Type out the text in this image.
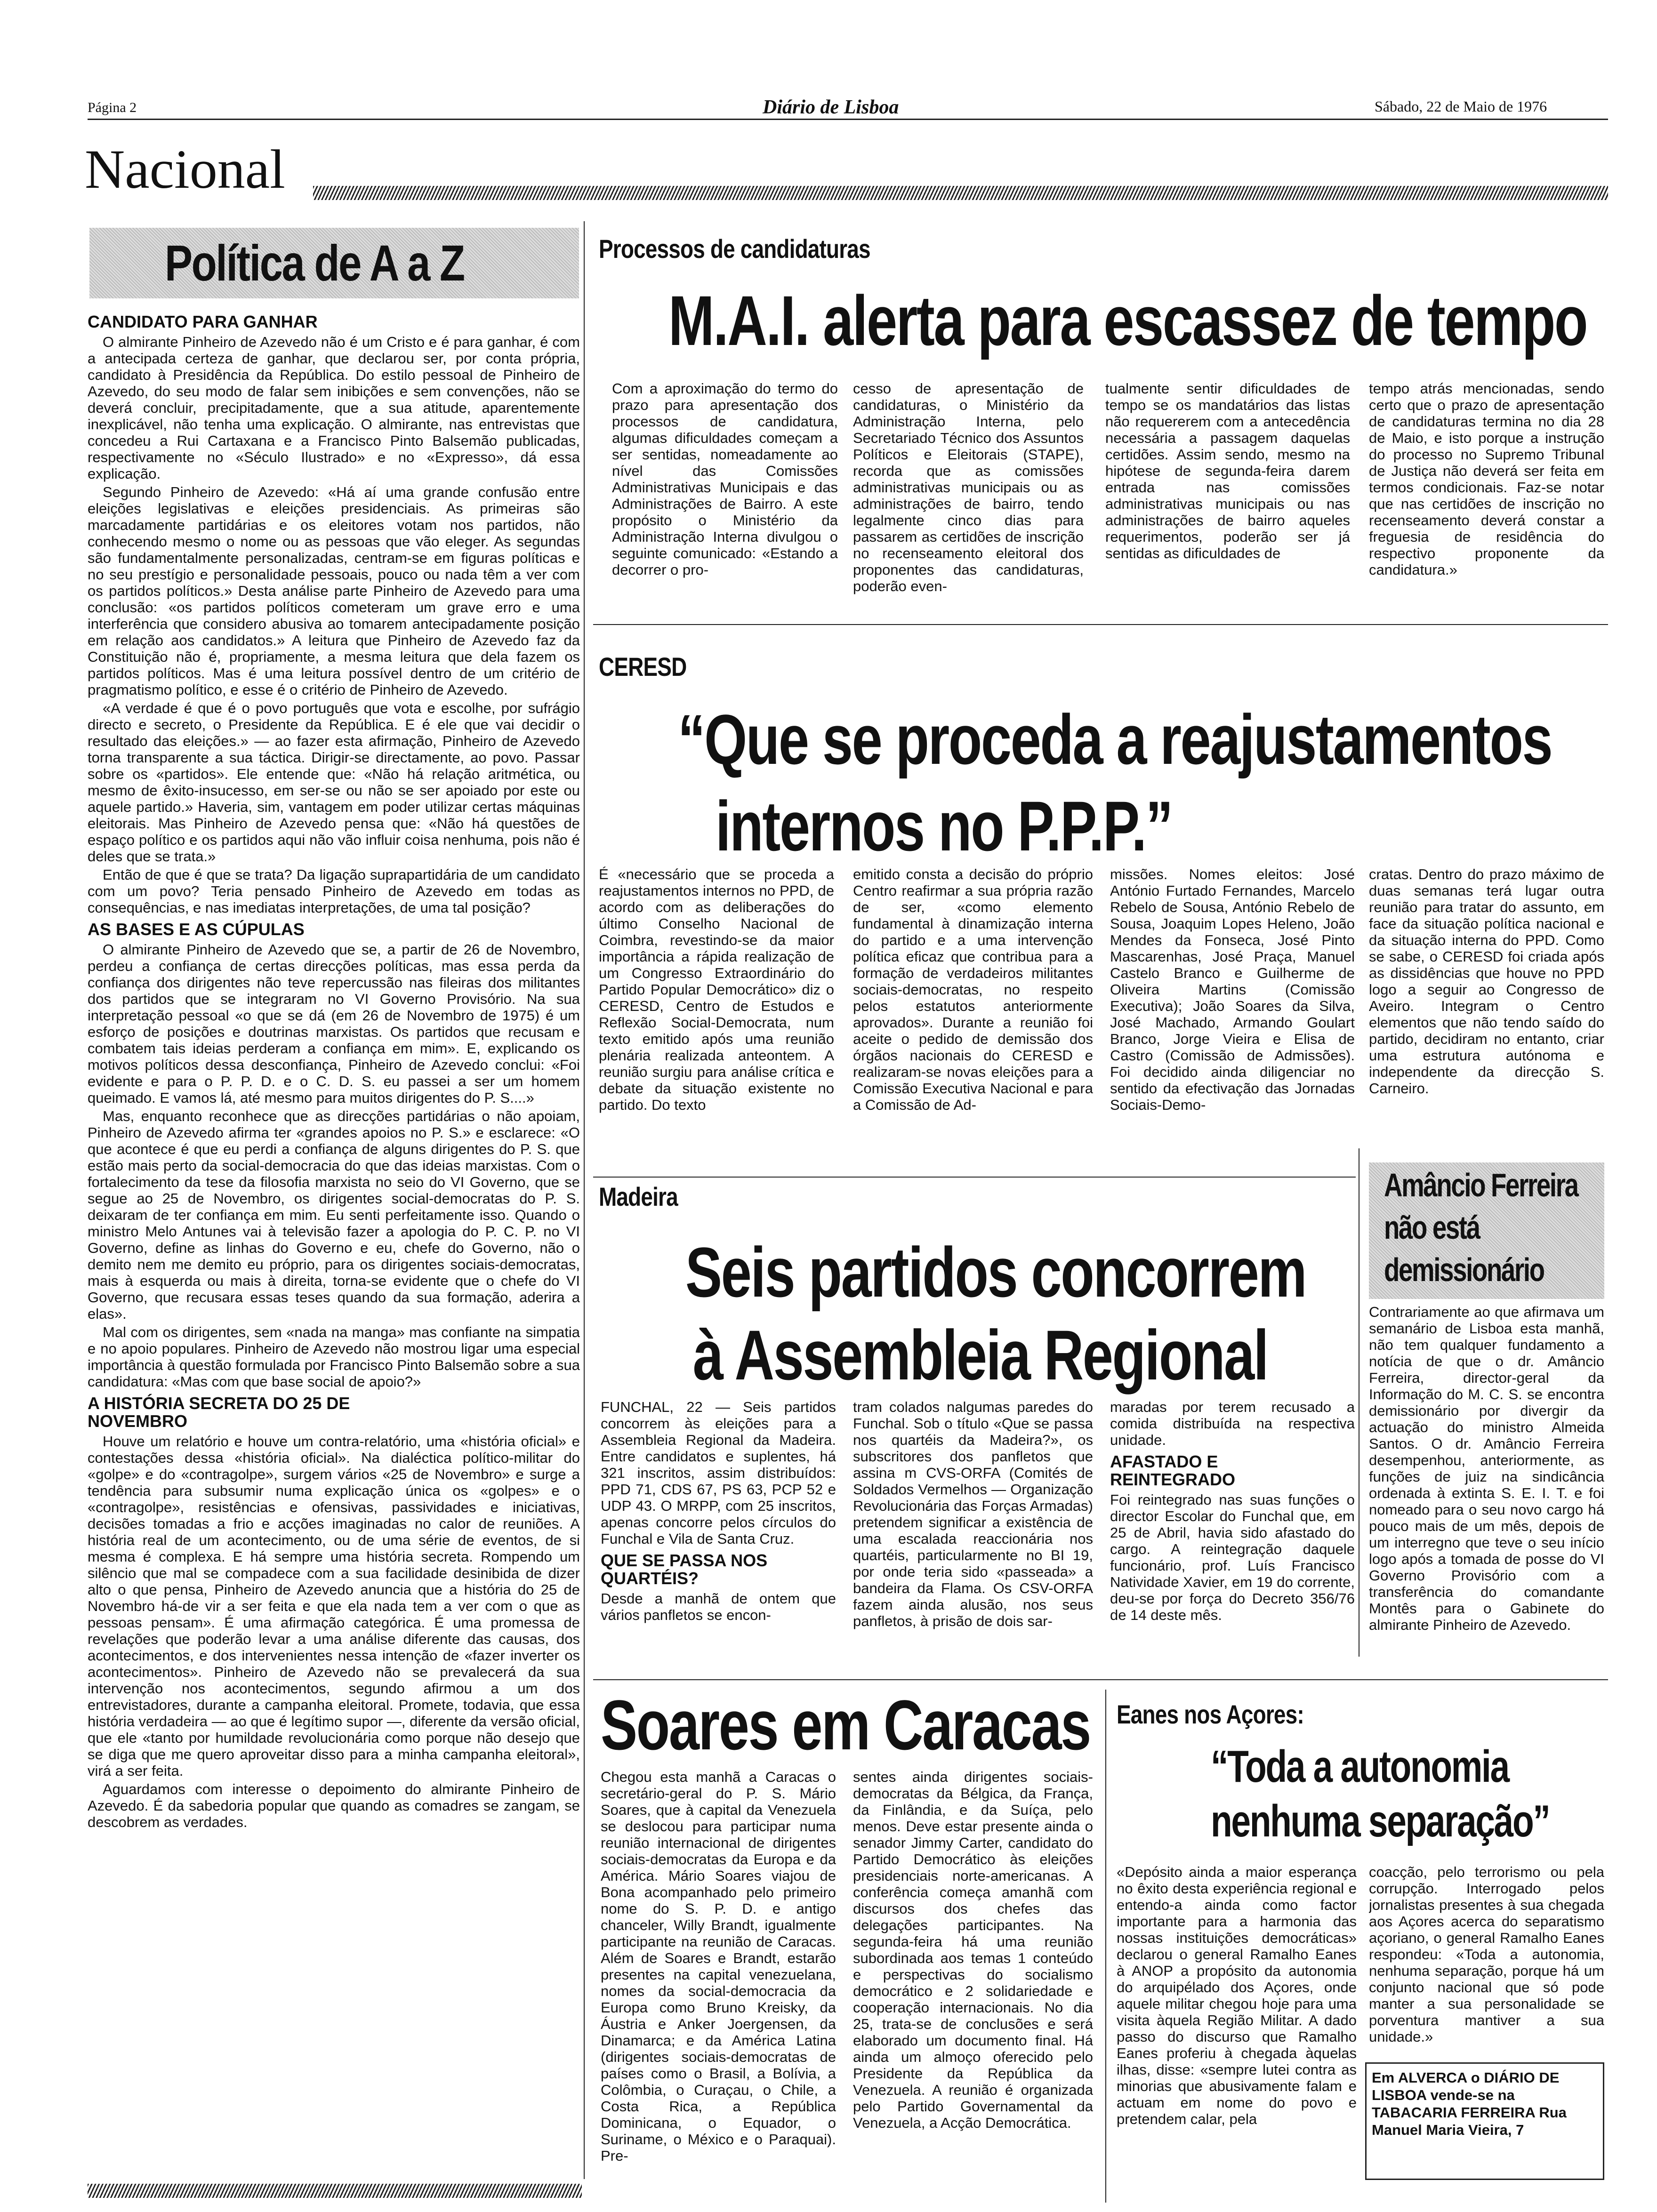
Página 2	Diário de Lisboa	Sábado, 22 de Maio de 1976
Nacional
Política de A a Z
CANDIDATO PARA GANHAR

O almirante Pinheiro de Azevedo não é um Cristo e é para ganhar, é com a antecipada certeza de ganhar, que declarou ser, por conta própria, candidato à Presidência da República. Do estilo pessoal de Pinheiro de Azevedo, do seu modo de falar sem inibições e sem convenções, não se deverá concluir, precipitadamente, que a sua atitude, aparentemente inexplicável, não tenha uma explicação. O almirante, nas entrevistas que concedeu a Rui Cartaxana e a Francisco Pinto Balsemão publicadas, respectivamente no «Século Ilustrado» e no «Expresso», dá essa explicação.

Segundo Pinheiro de Azevedo: «Há aí uma grande confusão entre eleições legislativas e eleições presidenciais. As primeiras são marcadamente partidárias e os eleitores votam nos partidos, não conhecendo mesmo o nome ou as pessoas que vão eleger. As segundas são fundamentalmente personalizadas, centram-se em figuras políticas e no seu prestígio e personalidade pessoais, pouco ou nada têm a ver com os partidos políticos.» Desta análise parte Pinheiro de Azevedo para uma conclusão: «os partidos políticos cometeram um grave erro e uma interferência que considero abusiva ao tomarem antecipadamente posição em relação aos candidatos.» A leitura que Pinheiro de Azevedo faz da Constituição não é, propriamente, a mesma leitura que dela fazem os partidos políticos. Mas é uma leitura possível dentro de um critério de pragmatismo político, e esse é o critério de Pinheiro de Azevedo.

«A verdade é que é o povo português que vota e escolhe, por sufrágio directo e secreto, o Presidente da República. E é ele que vai decidir o resultado das eleições.» — ao fazer esta afirmação, Pinheiro de Azevedo torna transparente a sua táctica. Dirigir-se directamente, ao povo. Passar sobre os «partidos». Ele entende que: «Não há relação aritmética, ou mesmo de êxito-insucesso, em ser-se ou não se ser apoiado por este ou aquele partido.» Haveria, sim, vantagem em poder utilizar certas máquinas eleitorais. Mas Pinheiro de Azevedo pensa que: «Não há questões de espaço político e os partidos aqui não vão influir coisa nenhuma, pois não é deles que se trata.»

Então de que é que se trata? Da ligação suprapartidária de um candidato com um povo? Teria pensado Pinheiro de Azevedo em todas as consequências, e nas imediatas interpretações, de uma tal posição?

AS BASES E AS CÚPULAS

O almirante Pinheiro de Azevedo que se, a partir de 26 de Novembro, perdeu a confiança de certas direcções políticas, mas essa perda da confiança dos dirigentes não teve repercussão nas fileiras dos militantes dos partidos que se integraram no VI Governo Provisório. Na sua interpretação pessoal «o que se dá (em 26 de Novembro de 1975) é um esforço de posições e doutrinas marxistas. Os partidos que recusam e combatem tais ideias perderam a confiança em mim». E, explicando os motivos políticos dessa desconfiança, Pinheiro de Azevedo conclui: «Foi evidente e para o P. P. D. e o C. D. S. eu passei a ser um homem queimado. E vamos lá, até mesmo para muitos dirigentes do P. S....»

Mas, enquanto reconhece que as direcções partidárias o não apoiam, Pinheiro de Azevedo afirma ter «grandes apoios no P. S.» e esclarece: «O que acontece é que eu perdi a confiança de alguns dirigentes do P. S. que estão mais perto da social-democracia do que das ideias marxistas. Com o fortalecimento da tese da filosofia marxista no seio do VI Governo, que se segue ao 25 de Novembro, os dirigentes social-democratas do P. S. deixaram de ter confiança em mim. Eu senti perfeitamente isso. Quando o ministro Melo Antunes vai à televisão fazer a apologia do P. C. P. no VI Governo, define as linhas do Governo e eu, chefe do Governo, não o demito nem me demito eu próprio, para os dirigentes sociais-democratas, mais à esquerda ou mais à direita, torna-se evidente que o chefe do VI Governo, que recusara essas teses quando da sua formação, aderira a elas».

Mal com os dirigentes, sem «nada na manga» mas confiante na simpatia e no apoio populares. Pinheiro de Azevedo não mostrou ligar uma especial importância à questão formulada por Francisco Pinto Balsemão sobre a sua candidatura: «Mas com que base social de apoio?»

A HISTÓRIA SECRETA DO 25 DE NOVEMBRO

Houve um relatório e houve um contra-relatório, uma «história oficial» e contestações dessa «história oficial». Na dialéctica político-militar do «golpe» e do «contragolpe», surgem vários «25 de Novembro» e surge a tendência para subsumir numa explicação única os «golpes» e o «contragolpe», resistências e ofensivas, passividades e iniciativas, decisões tomadas a frio e acções imaginadas no calor de reuniões. A história real de um acontecimento, ou de uma série de eventos, de si mesma é complexa. E há sempre uma história secreta. Rompendo um silêncio que mal se compadece com a sua facilidade desinibida de dizer alto o que pensa, Pinheiro de Azevedo anuncia que a história do 25 de Novembro há-de vir a ser feita e que ela nada tem a ver com o que as pessoas pensam». É uma afirmação categórica. É uma promessa de revelações que poderão levar a uma análise diferente das causas, dos acontecimentos, e dos intervenientes nessa intenção de «fazer inverter os acontecimentos». Pinheiro de Azevedo não se prevalecerá da sua intervenção nos acontecimentos, segundo afirmou a um dos entrevistadores, durante a campanha eleitoral. Promete, todavia, que essa história verdadeira — ao que é legítimo supor —, diferente da versão oficial, que ele «tanto por humildade revolucionária como porque não desejo que se diga que me quero aproveitar disso para a minha campanha eleitoral», virá a ser feita.

Aguardamos com interesse o depoimento do almirante Pinheiro de Azevedo. É da sabedoria popular que quando as comadres se zangam, se descobrem as verdades.

Processos de candidaturas
M.A.I. alerta para escassez de tempo
Com a aproximação do termo do prazo para apresentação dos processos de candidatura, algumas dificuldades começam a ser sentidas, nomeadamente ao nível das Comissões Administrativas Municipais e das Administrações de Bairro. A este propósito o Ministério da Administração Interna divulgou o seguinte comunicado: «Estando a decorrer o pro-
cesso de apresentação de candidaturas, o Ministério da Administração Interna, pelo Secretariado Técnico dos Assuntos Políticos e Eleitorais (STAPE), recorda que as comissões administrativas municipais ou as administrações de bairro, tendo legalmente cinco dias para passarem as certidões de inscrição no recenseamento eleitoral dos proponentes das candidaturas, poderão even-
tualmente sentir dificuldades de tempo se os mandatários das listas não requererem com a antecedência necessária a passagem daquelas certidões. Assim sendo, mesmo na hipótese de segunda-feira darem entrada nas comissões administrativas municipais ou nas administrações de bairro aqueles requerimentos, poderão ser já sentidas as dificuldades de
tempo atrás mencionadas, sendo certo que o prazo de apresentação de candidaturas termina no dia 28 de Maio, e isto porque a instrução do processo no Supremo Tribunal de Justiça não deverá ser feita em termos condicionais. Faz-se notar que nas certidões de inscrição no recenseamento deverá constar a freguesia de residência do respectivo proponente da candidatura.»
CERESD
“Que se proceda a reajustamentos
internos no P.P.P.”
É «necessário que se proceda a reajustamentos internos no PPD, de acordo com as deliberações do último Conselho Nacional de Coimbra, revestindo-se da maior importância a rápida realização de um Congresso Extraordinário do Partido Popular Democrático» diz o CERESD, Centro de Estudos e Reflexão Social-Democrata, num texto emitido após uma reunião plenária realizada anteontem. A reunião surgiu para análise crítica e debate da situação existente no partido. Do texto
emitido consta a decisão do próprio Centro reafirmar a sua própria razão de ser, «como elemento fundamental à dinamização interna do partido e a uma intervenção política eficaz que contribua para a formação de verdadeiros militantes sociais-democratas, no respeito pelos estatutos anteriormente aprovados». Durante a reunião foi aceite o pedido de demissão dos órgãos nacionais do CERESD e realizaram-se novas eleições para a Comissão Executiva Nacional e para a Comissão de Ad-
missões. Nomes eleitos: José António Furtado Fernandes, Marcelo Rebelo de Sousa, António Rebelo de Sousa, Joaquim Lopes Heleno, João Mendes da Fonseca, José Pinto Mascarenhas, José Praça, Manuel Castelo Branco e Guilherme de Oliveira Martins (Comissão Executiva); João Soares da Silva, José Machado, Armando Goulart Branco, Jorge Vieira e Elisa de Castro (Comissão de Admissões). Foi decidido ainda diligenciar no sentido da efectivação das Jornadas Sociais-Demo-
cratas. Dentro do prazo máximo de duas semanas terá lugar outra reunião para tratar do assunto, em face da situação política nacional e da situação interna do PPD. Como se sabe, o CERESD foi criada após as dissidências que houve no PPD logo a seguir ao Congresso de Aveiro. Integram o Centro elementos que não tendo saído do partido, decidiram no entanto, criar uma estrutura autónoma e independente da direcção S. Carneiro.
Madeira
Seis partidos concorrem
à Assembleia Regional
FUNCHAL, 22 — Seis partidos concorrem às eleições para a Assembleia Regional da Madeira. Entre candidatos e suplentes, há 321 inscritos, assim distribuídos: PPD 71, CDS 67, PS 63, PCP 52 e UDP 43. O MRPP, com 25 inscritos, apenas concorre pelos círculos do Funchal e Vila de Santa Cruz.
QUE SE PASSA NOS QUARTÉIS?
Desde a manhã de ontem que vários panfletos se encon-
tram colados nalgumas paredes do Funchal. Sob o título «Que se passa nos quartéis da Madeira?», os subscritores dos panfletos que assina m CVS-ORFA (Comités de Soldados Vermelhos — Organização Revolucionária das Forças Armadas) pretendem significar a existência de uma escalada reaccionária nos quartéis, particularmente no BI 19, por onde teria sido «passeada» a bandeira da Flama. Os CSV-ORFA fazem ainda alusão, nos seus panfletos, à prisão de dois sar-
maradas por terem recusado a comida distribuída na respectiva unidade.
AFASTADO E REINTEGRADO
Foi reintegrado nas suas funções o director Escolar do Funchal que, em 25 de Abril, havia sido afastado do cargo. A reintegração daquele funcionário, prof. Luís Francisco Natividade Xavier, em 19 do corrente, deu-se por força do Decreto 356/76 de 14 deste mês.
Amâncio Ferreira
não está
demissionário
Contrariamente ao que afirmava um semanário de Lisboa esta manhã, não tem qualquer fundamento a notícia de que o dr. Amâncio Ferreira, director-geral da Informação do M. C. S. se encontra demissionário por divergir da actuação do ministro Almeida Santos. O dr. Amâncio Ferreira desempenhou, anteriormente, as funções de juiz na sindicância ordenada à extinta S. E. I. T. e foi nomeado para o seu novo cargo há pouco mais de um mês, depois de um interregno que teve o seu início logo após a tomada de posse do VI Governo Provisório com a transferência do comandante Montês para o Gabinete do almirante Pinheiro de Azevedo.
Soares em Caracas
Chegou esta manhã a Caracas o secretário-geral do P. S. Mário Soares, que à capital da Venezuela se deslocou para participar numa reunião internacional de dirigentes sociais-democratas da Europa e da América. Mário Soares viajou de Bona acompanhado pelo primeiro nome do S. P. D. e antigo chanceler, Willy Brandt, igualmente participante na reunião de Caracas. Além de Soares e Brandt, estarão presentes na capital venezuelana, nomes da social-democracia da Europa como Bruno Kreisky, da Áustria e Anker Joergensen, da Dinamarca; e da América Latina (dirigentes sociais-democratas de países como o Brasil, a Bolívia, a Colômbia, o Curaçau, o Chile, a Costa Rica, a República Dominicana, o Equador, o Suriname, o México e o Paraquai). Pre-
sentes ainda dirigentes sociais-democratas da Bélgica, da França, da Finlândia, e da Suíça, pelo menos. Deve estar presente ainda o senador Jimmy Carter, candidato do Partido Democrático às eleições presidenciais norte-americanas. A conferência começa amanhã com discursos dos chefes das delegações participantes. Na segunda-feira há uma reunião subordinada aos temas 1 conteúdo e perspectivas do socialismo democrático e 2 solidariedade e cooperação internacionais. No dia 25, trata-se de conclusões e será elaborado um documento final. Há ainda um almoço oferecido pelo Presidente da República da Venezuela. A reunião é organizada pelo Partido Governamental da Venezuela, a Acção Democrática.
Eanes nos Açores:
“Toda a autonomia
nenhuma separação”
«Depósito ainda a maior esperança no êxito desta experiência regional e entendo-a ainda como factor importante para a harmonia das nossas instituições democráticas» declarou o general Ramalho Eanes à ANOP a propósito da autonomia do arquipélado dos Açores, onde aquele militar chegou hoje para uma visita àquela Região Militar. A dado passo do discurso que Ramalho Eanes proferiu à chegada àquelas ilhas, disse: «sempre lutei contra as minorias que abusivamente falam e actuam em nome do povo e pretendem calar, pela
coacção, pelo terrorismo ou pela corrupção. Interrogado pelos jornalistas presentes à sua chegada aos Açores acerca do separatismo açoriano, o general Ramalho Eanes respondeu: «Toda a autonomia, nenhuma separação, porque há um conjunto nacional que só pode manter a sua personalidade se porventura mantiver a sua unidade.»
Em ALVERCA o DIÁRIO DE LISBOA vende-se na TABACARIA FERREIRA Rua Manuel Maria Vieira, 7
